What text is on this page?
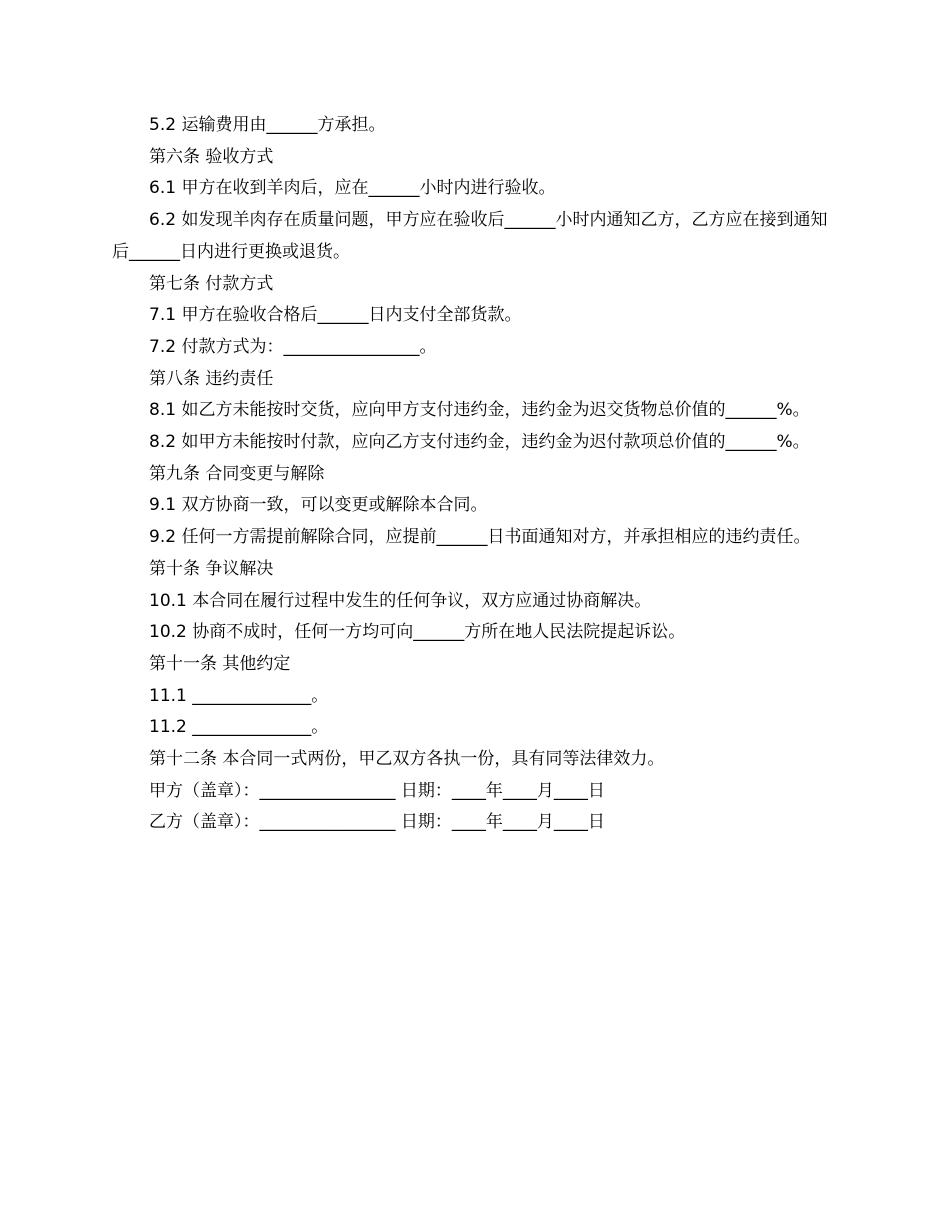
5.2 运输费用由______方承担。

第六条 验收方式

6.1 甲方在收到羊肉后，应在______小时内进行验收。

6.2 如发现羊肉存在质量问题，甲方应在验收后______小时内通知乙方，乙方应在接到通知后______日内进行更换或退货。

第七条 付款方式

7.1 甲方在验收合格后______日内支付全部货款。

7.2 付款方式为：________________。

第八条 违约责任

8.1 如乙方未能按时交货，应向甲方支付违约金，违约金为迟交货物总价值的______%。

8.2 如甲方未能按时付款，应向乙方支付违约金，违约金为迟付款项总价值的______%。

第九条 合同变更与解除

9.1 双方协商一致，可以变更或解除本合同。

9.2 任何一方需提前解除合同，应提前______日书面通知对方，并承担相应的违约责任。

第十条 争议解决

10.1 本合同在履行过程中发生的任何争议，双方应通过协商解决。

10.2 协商不成时，任何一方均可向______方所在地人民法院提起诉讼。

第十一条 其他约定

11.1 ______________。

11.2 ______________。

第十二条 本合同一式两份，甲乙双方各执一份，具有同等法律效力。

甲方（盖章）：________________ 日期：____年____月____日

乙方（盖章）：________________ 日期：____年____月____日
